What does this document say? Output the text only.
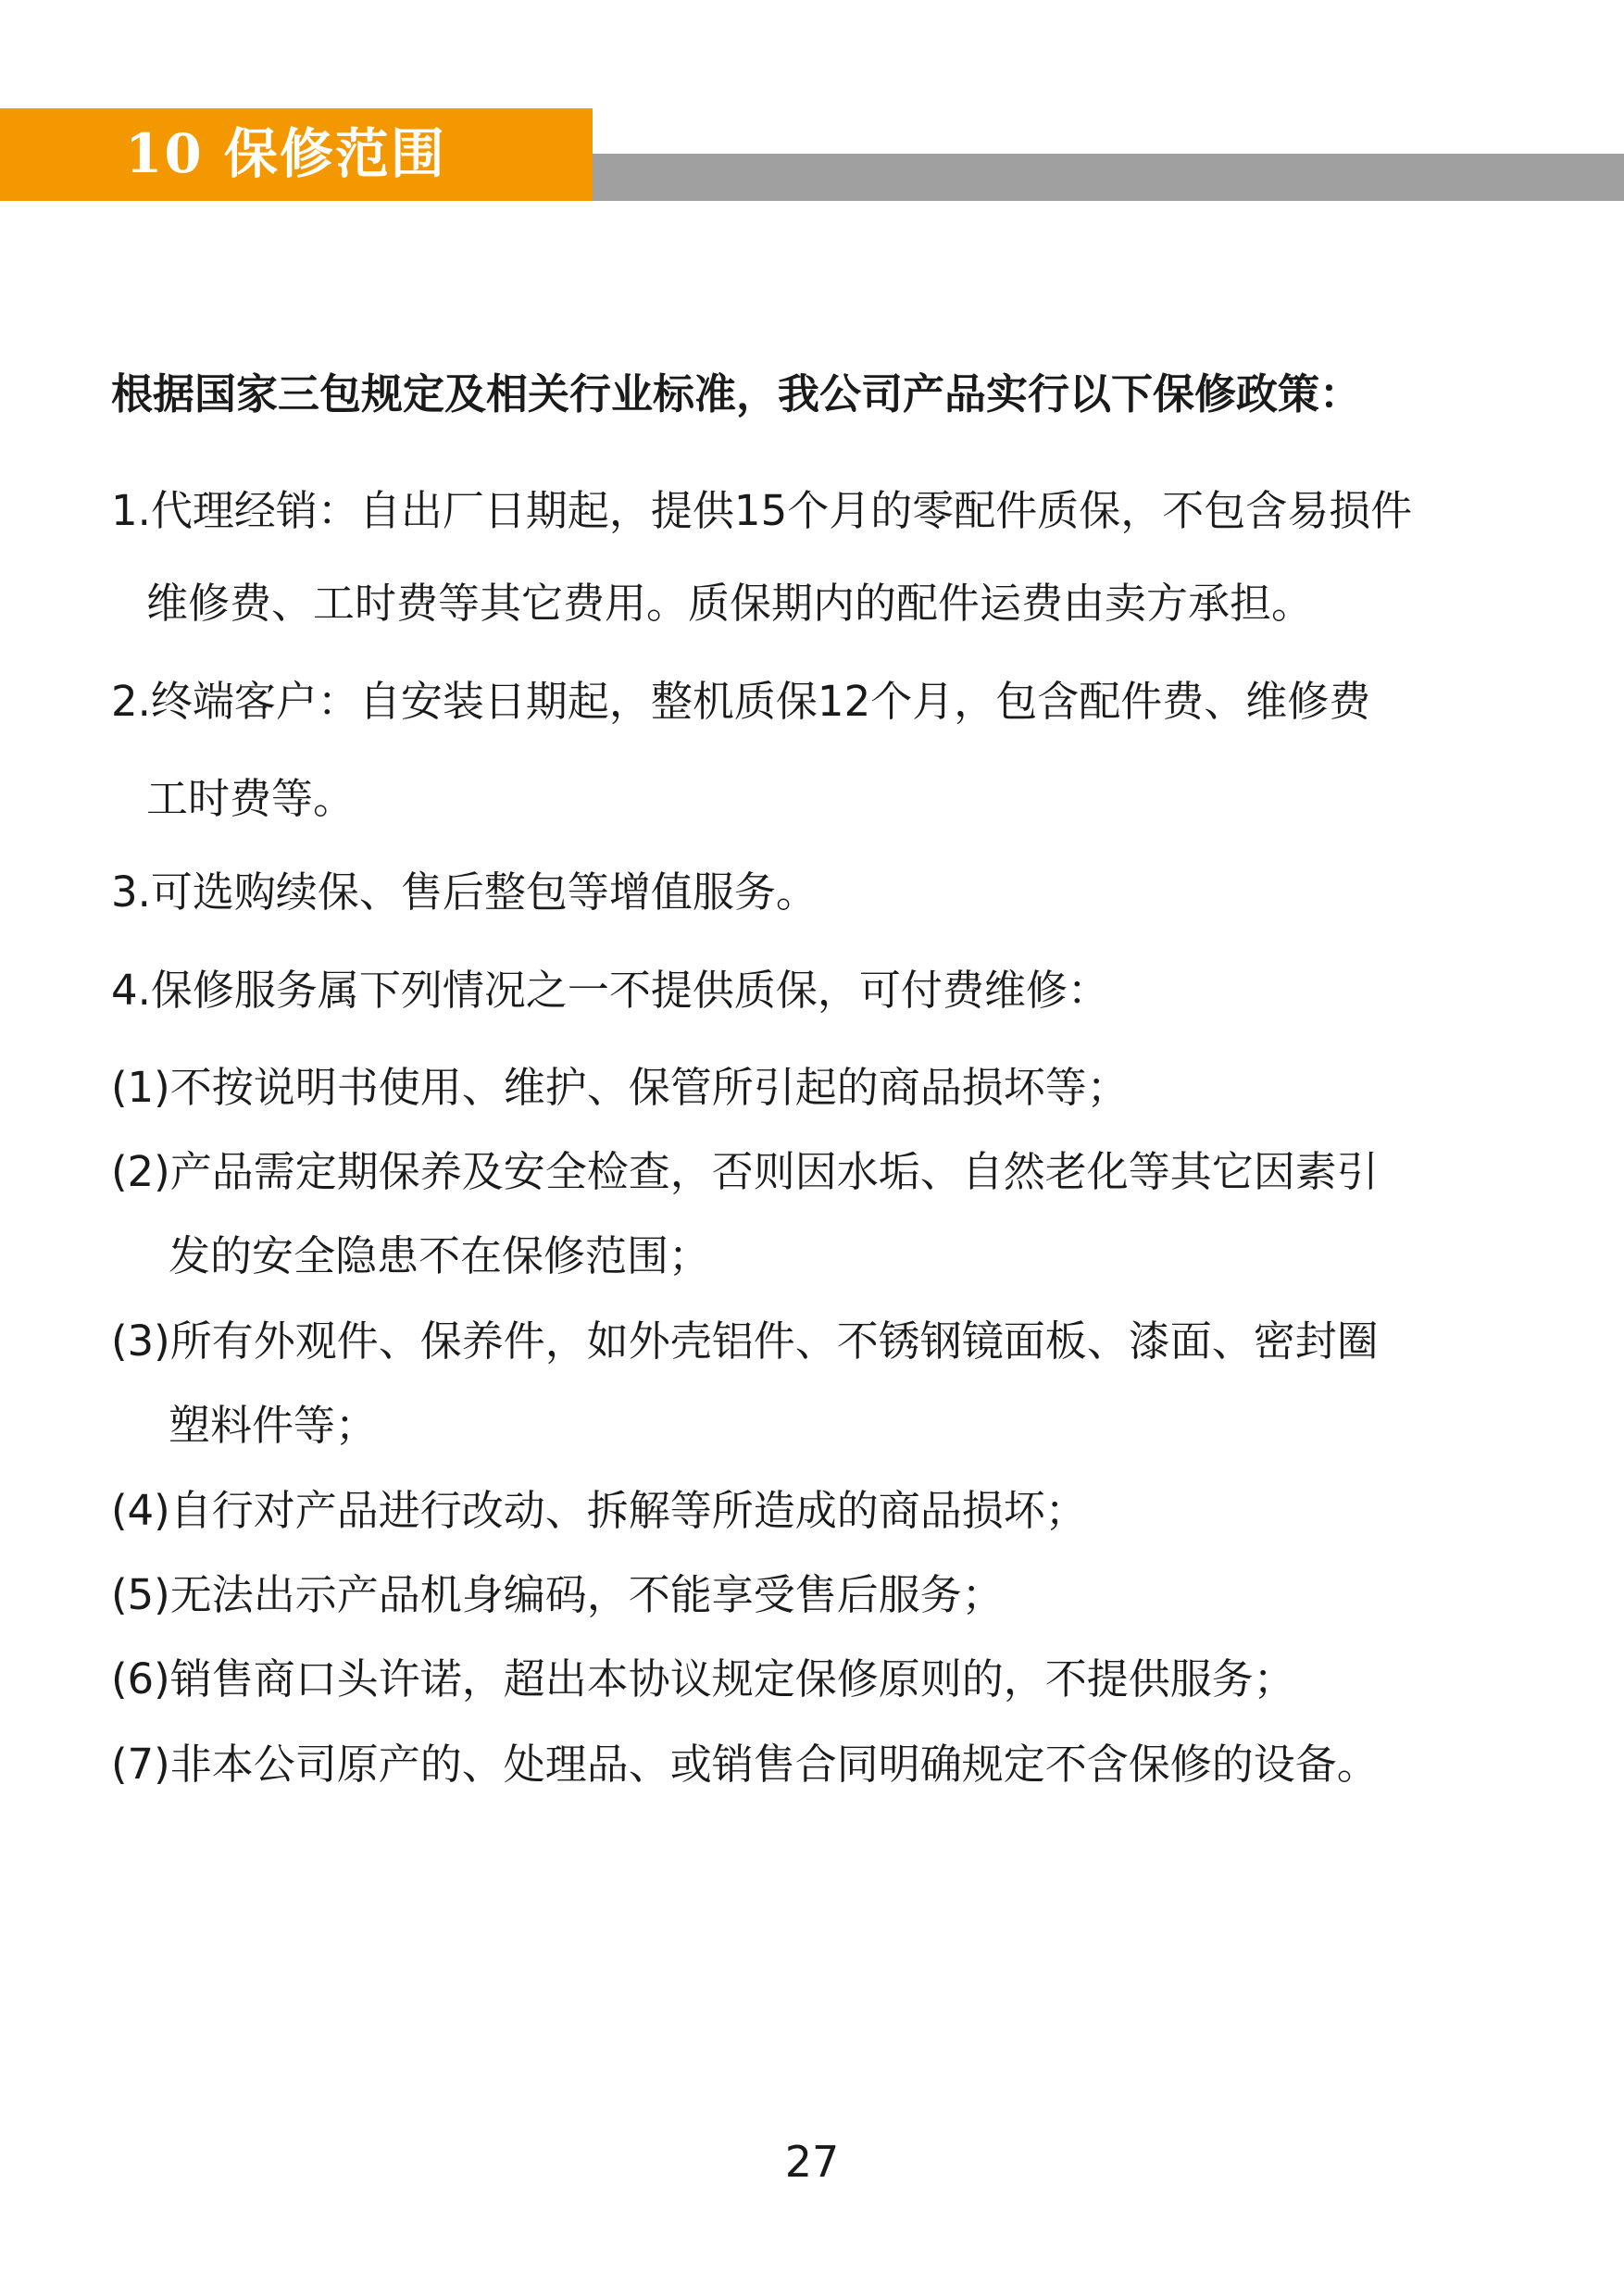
10 保修范围
根据国家三包规定及相关行业标准，我公司产品实行以下保修政策：
1.代理经销：自出厂日期起，提供15个月的零配件质保，不包含易损件
维修费、工时费等其它费用。质保期内的配件运费由卖方承担。
2.终端客户：自安装日期起，整机质保12个月，包含配件费、维修费
工时费等。
3.可选购续保、售后整包等增值服务。
4.保修服务属下列情况之一不提供质保，可付费维修：
(1)不按说明书使用、维护、保管所引起的商品损坏等；
(2)产品需定期保养及安全检查，否则因水垢、自然老化等其它因素引
发的安全隐患不在保修范围；
(3)所有外观件、保养件，如外壳铝件、不锈钢镜面板、漆面、密封圈
塑料件等；
(4)自行对产品进行改动、拆解等所造成的商品损坏；
(5)无法出示产品机身编码，不能享受售后服务；
(6)销售商口头许诺，超出本协议规定保修原则的，不提供服务；
(7)非本公司原产的、处理品、或销售合同明确规定不含保修的设备。
27
